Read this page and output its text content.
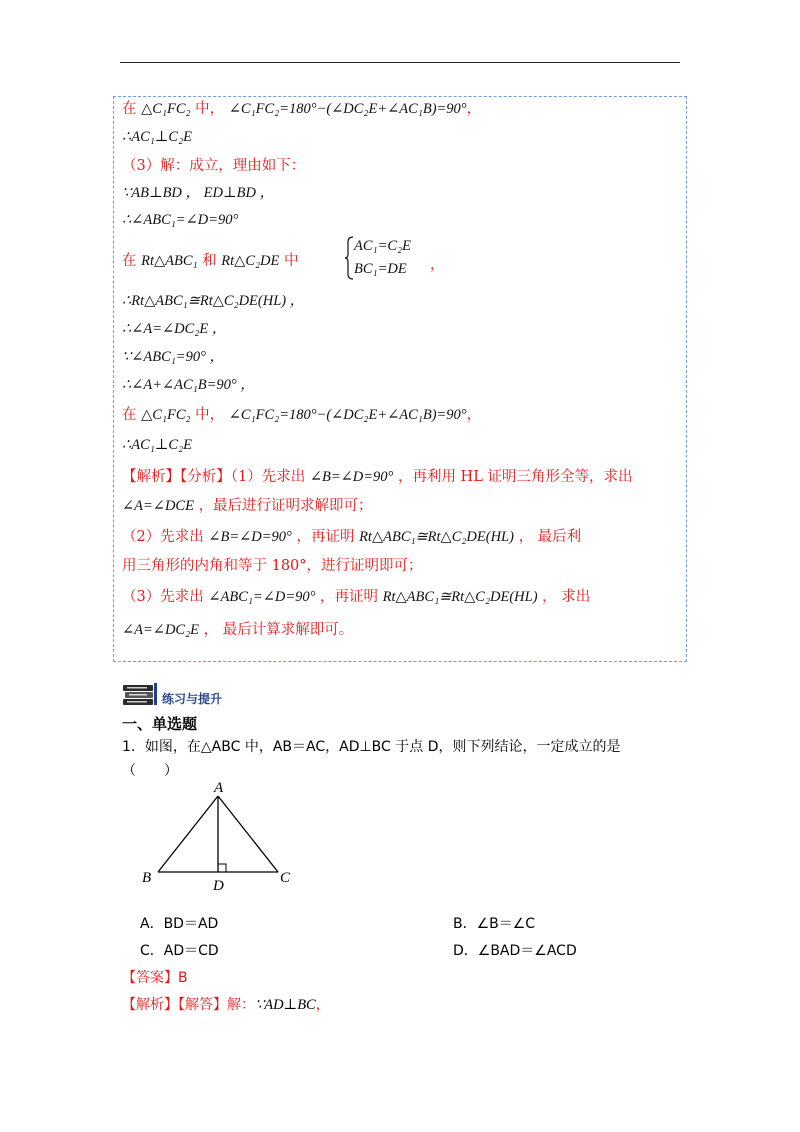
在 △C₁FC₂ 中， ∠C₁FC₂=180°−(∠DC₂E+∠AC₁B)=90°，
∴AC₁⊥C₂E
（3）解：成立，理由如下：
∵AB⊥BD ， ED⊥BD ，
∴∠ABC₁=∠D=90°
在 Rt△ABC₁ 和 Rt△C₂DE 中
AC₁=C₂E
BC₁=DE ，
∴Rt△ABC₁≅Rt△C₂DE(HL) ，
∴∠A=∠DC₂E ，
∵∠ABC₁=90° ，
∴∠A+∠AC₁B=90° ，
在 △C₁FC₂ 中， ∠C₁FC₂=180°−(∠DC₂E+∠AC₁B)=90°，
∴AC₁⊥C₂E
【解析】【分析】（1）先求出 ∠B=∠D=90° ，再利用 HL 证明三角形全等，求出
∠A=∠DCE ，最后进行证明求解即可；
（2）先求出 ∠B=∠D=90° ，再证明 Rt△ABC₁≅Rt△C₂DE(HL) ， 最后利
用三角形的内角和等于 180°，进行证明即可；
（3）先求出 ∠ABC₁=∠D=90° ，再证明 Rt△ABC₁≅Rt△C₂DE(HL) ， 求出
∠A=∠DC₂E ， 最后计算求解即可。
练习与提升
一、单选题
1．如图，在△ABC 中，AB＝AC，AD⊥BC 于点 D，则下列结论，一定成立的是
（　　）
A
B	C
D
A．BD＝AD	B．∠B＝∠C
C．AD＝CD	D．∠BAD＝∠ACD
【答案】B
【解析】【解答】解：∵AD⊥BC，
